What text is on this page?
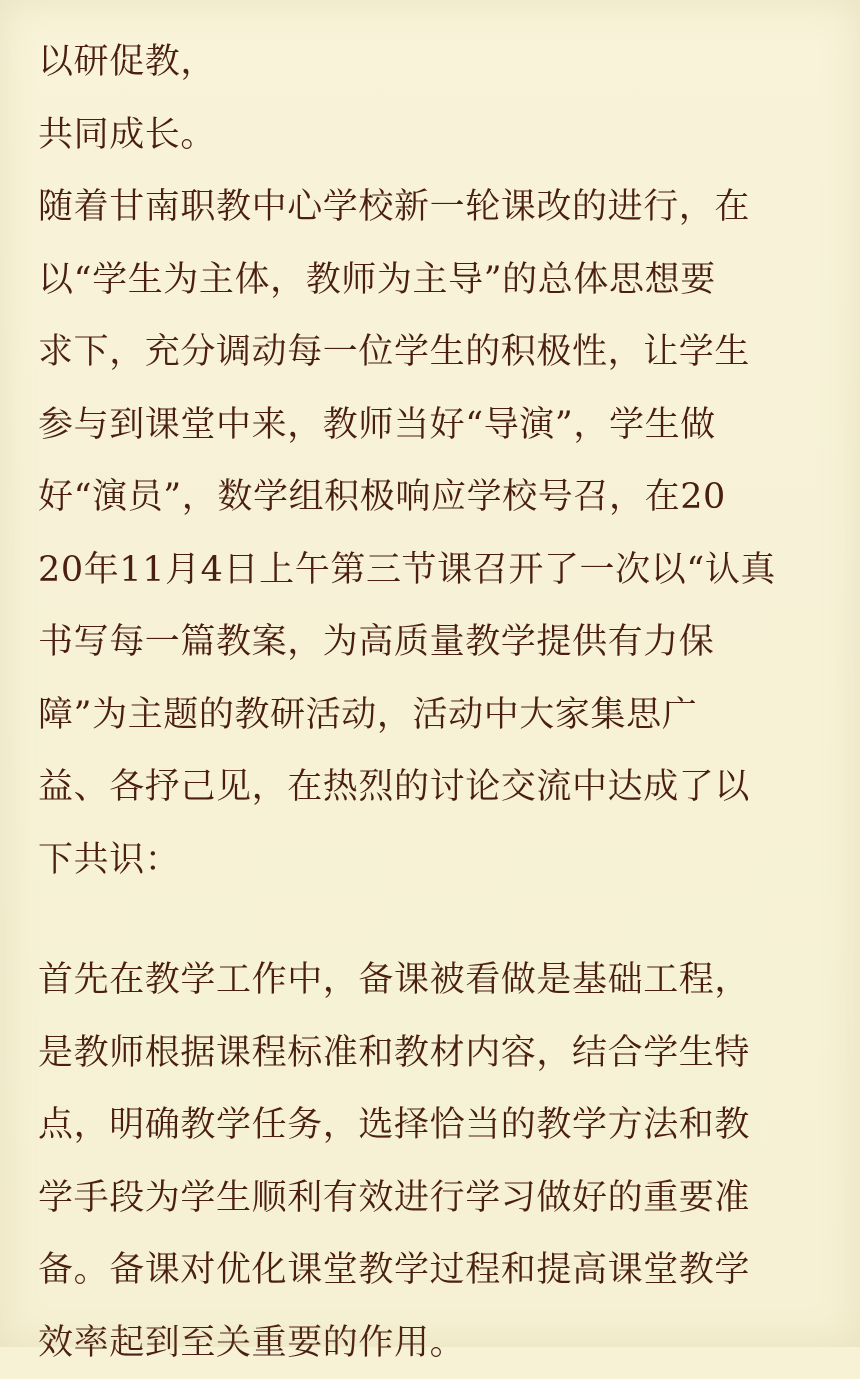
以研促教，
共同成长。
随着甘南职教中心学校新一轮课改的进行，在
以“学生为主体，教师为主导”的总体思想要
求下，充分调动每一位学生的积极性，让学生
参与到课堂中来，教师当好“导演”，学生做
好“演员”，数学组积极响应学校号召，在20
20年11月4日上午第三节课召开了一次以“认真
书写每一篇教案，为高质量教学提供有力保
障”为主题的教研活动，活动中大家集思广
益、各抒己见，在热烈的讨论交流中达成了以
下共识：
首先在教学工作中，备课被看做是基础工程，
是教师根据课程标准和教材内容，结合学生特
点，明确教学任务，选择恰当的教学方法和教
学手段为学生顺利有效进行学习做好的重要准
备。备课对优化课堂教学过程和提高课堂教学
效率起到至关重要的作用。
